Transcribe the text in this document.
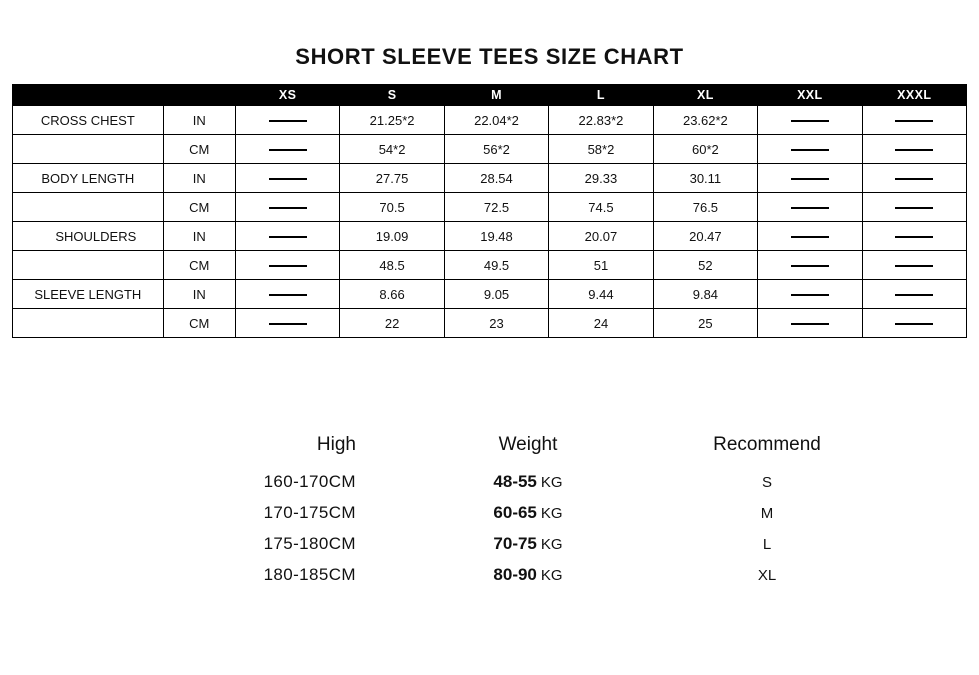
SHORT SLEEVE TEES SIZE CHART
		XS	S	M	L	XL	XXL	XXXL
CROSS CHEST	IN		21.25*2	22.04*2	22.83*2	23.62*2		
	CM		54*2	56*2	58*2	60*2		
BODY LENGTH	IN		27.75	28.54	29.33	30.11		
	CM		70.5	72.5	74.5	76.5		
SHOULDERS	IN		19.09	19.48	20.07	20.47		
	CM		48.5	49.5	51	52		
SLEEVE LENGTH	IN		8.66	9.05	9.44	9.84		
	CM		22	23	24	25		
High	Weight	Recommend
160-170CM	48-55 KG	S
170-175CM	60-65 KG	M
175-180CM	70-75 KG	L
180-185CM	80-90 KG	XL
